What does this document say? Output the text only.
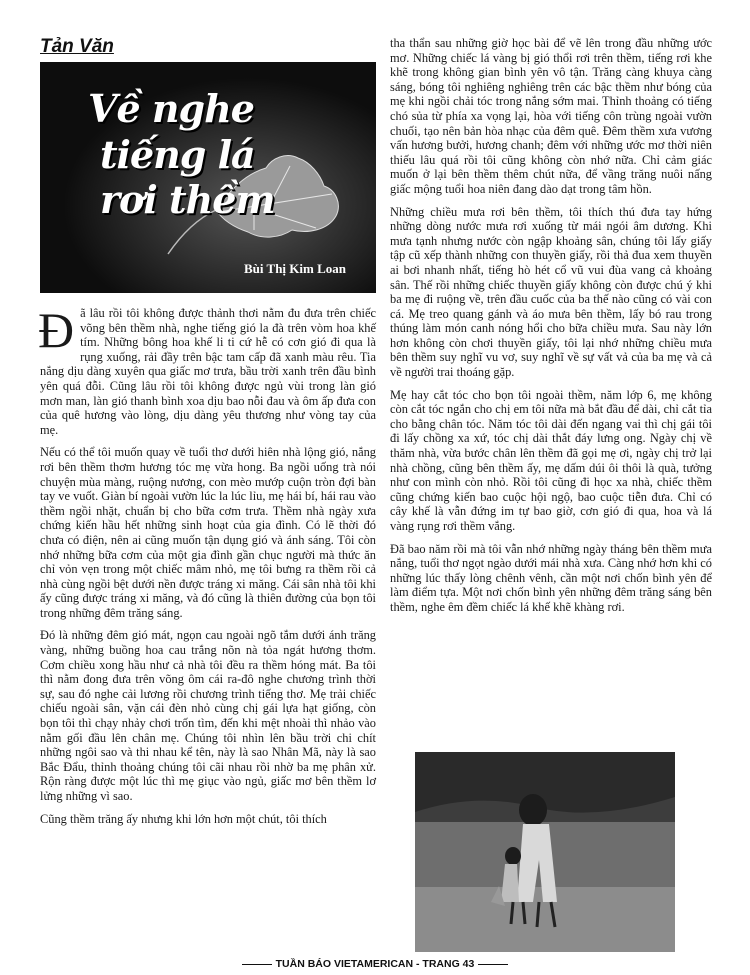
Tản Văn
Về nghe
tiếng lá
rơi thềm
Bùi Thị Kim Loan

Đã lâu rồi tôi không được thảnh thơi nằm đu đưa trên chiếc võng bên thềm nhà, nghe tiếng gió la đà trên vòm hoa khế tím. Những bông hoa khế li ti cứ hễ có cơn gió đi qua là rụng xuống, rải đầy trên bậc tam cấp đã xanh màu rêu. Tia nắng dịu dàng xuyên qua giấc mơ trưa, bầu trời xanh trên đầu bình yên quá đỗi. Cũng lâu rồi tôi không được ngủ vùi trong làn gió mơn man, làn gió thanh bình xoa dịu bao nỗi đau và ôm ấp đưa con của quê hương vào lòng, dịu dàng yêu thương như vòng tay của mẹ.

Nếu có thể tôi muốn quay về tuổi thơ dưới hiên nhà lộng gió, nắng rơi bên thềm thơm hương tóc mẹ vừa hong. Ba ngồi uống trà nói chuyện mùa màng, ruộng nương, con mèo mướp cuộn tròn đợi bàn tay ve vuốt. Giàn bí ngoài vườn lúc la lúc lỉu, mẹ hái bí, hái rau vào thềm ngồi nhặt, chuẩn bị cho bữa cơm trưa. Thềm nhà ngày xưa chứng kiến hầu hết những sinh hoạt của gia đình. Có lẽ thời đó chưa có điện, nên ai cũng muốn tận dụng gió và ánh sáng. Tôi còn nhớ những bữa cơm của một gia đình gần chục người mà thức ăn chỉ vỏn vẹn trong một chiếc mâm nhỏ, mẹ tôi bưng ra thềm rồi cả nhà cùng ngồi bệt dưới nền được tráng xi măng. Cái sân nhà tôi khi ấy cũng được tráng xi măng, và đó cũng là thiên đường của bọn tôi trong những đêm trăng sáng.

Đó là những đêm gió mát, ngọn cau ngoài ngõ tắm dưới ánh trăng vàng, những buồng hoa cau trắng nõn nà tỏa ngát hương thơm. Cơm chiều xong hầu như cả nhà tôi đều ra thềm hóng mát. Ba tôi thì nằm đong đưa trên võng ôm cái ra-đô nghe chương trình thời sự, sau đó nghe cải lương rồi chương trình tiếng thơ. Mẹ trải chiếc chiếu ngoài sân, vặn cái đèn nhỏ cùng chị gái lựa hạt giống, còn bọn tôi thì chạy nhảy chơi trốn tìm, đến khi mệt nhoài thì nhảo vào nằm gối đầu lên chân mẹ. Chúng tôi nhìn lên bầu trời chi chít những ngôi sao và thi nhau kể tên, này là sao Nhân Mã, này là sao Bắc Đẩu, thỉnh thoảng chúng tôi cãi nhau rồi nhờ ba mẹ phân xử. Rộn ràng được một lúc thì mẹ giục vào ngủ, giấc mơ bên thềm lơ lửng những vì sao.

Cũng thềm trăng ấy nhưng khi lớn hơn một chút, tôi thích

tha thẩn sau những giờ học bài để vẽ lên trong đầu những ước mơ. Những chiếc lá vàng bị gió thổi rơi trên thềm, tiếng rơi khe khẽ trong không gian bình yên vô tận. Trăng càng khuya càng sáng, bóng tôi nghiêng nghiêng trên các bậc thềm như bóng của mẹ khi ngồi chải tóc trong nắng sớm mai. Thỉnh thoảng có tiếng chó sủa từ phía xa vọng lại, hòa với tiếng côn trùng ngoài vườn chuối, tạo nên bản hòa nhạc của đêm quê. Đêm thềm xưa vương vấn hương bưởi, hương chanh; đêm với những ước mơ thời niên thiếu lâu quá rồi tôi cũng không còn nhớ nữa. Chỉ cảm giác muốn ở lại bên thềm thêm chút nữa, để vầng trăng nuôi nấng giấc mộng tuổi hoa niên đang dào dạt trong tâm hồn.

Những chiều mưa rơi bên thềm, tôi thích thú đưa tay hứng những dòng nước mưa rơi xuống từ mái ngói âm dương. Khi mưa tạnh nhưng nước còn ngập khoảng sân, chúng tôi lấy giấy tập cũ xếp thành những con thuyền giấy, rồi thả đua xem thuyền ai bơi nhanh nhất, tiếng hò hét cổ vũ vui đùa vang cả khoảng sân. Thế rồi những chiếc thuyền giấy không còn được chú ý khi ba mẹ đi ruộng về, trên đầu cuốc của ba thế nào cũng có vài con cá. Mẹ treo quang gánh và áo mưa bên thềm, lấy bó rau trong thúng làm món canh nóng hổi cho bữa chiều mưa. Sau này lớn hơn không còn chơi thuyền giấy, tôi lại nhớ những chiều mưa bên thềm suy nghĩ vu vơ, suy nghĩ về sự vất vả của ba mẹ và cả về người trai thoáng gặp.

Mẹ hay cắt tóc cho bọn tôi ngoài thềm, năm lớp 6, mẹ không còn cắt tóc ngắn cho chị em tôi nữa mà bắt đầu để dài, chỉ cắt tỉa cho bằng chân tóc. Năm tóc tôi dài đến ngang vai thì chị gái tôi đi lấy chồng xa xứ, tóc chị dài thắt đáy lưng ong. Ngày chị về thăm nhà, vừa bước chân lên thềm đã gọi mẹ ơi, ngày chị trở lại nhà chồng, cũng bên thềm ấy, mẹ dấm dúi ôi thôi là quà, tưởng như con mình còn nhỏ. Rồi tôi cũng đi học xa nhà, chiếc thềm cũng chứng kiến bao cuộc hội ngộ, bao cuộc tiễn đưa. Chỉ có cây khế là vẫn đứng im tự bao giờ, cơn gió đi qua, hoa và lá vàng rụng rơi thềm vắng.

Đã bao năm rồi mà tôi vẫn nhớ những ngày tháng bên thềm mưa nắng, tuổi thơ ngọt ngào dưới mái nhà xưa. Càng nhớ hơn khi có những lúc thấy lòng chênh vênh, cần một nơi chốn bình yên để làm điểm tựa. Một nơi chốn bình yên những đêm trăng sáng bên thềm, nghe êm đềm chiếc lá khế khẽ khàng rơi.

TUẦN BÁO VIETAMERICAN - TRANG 43
